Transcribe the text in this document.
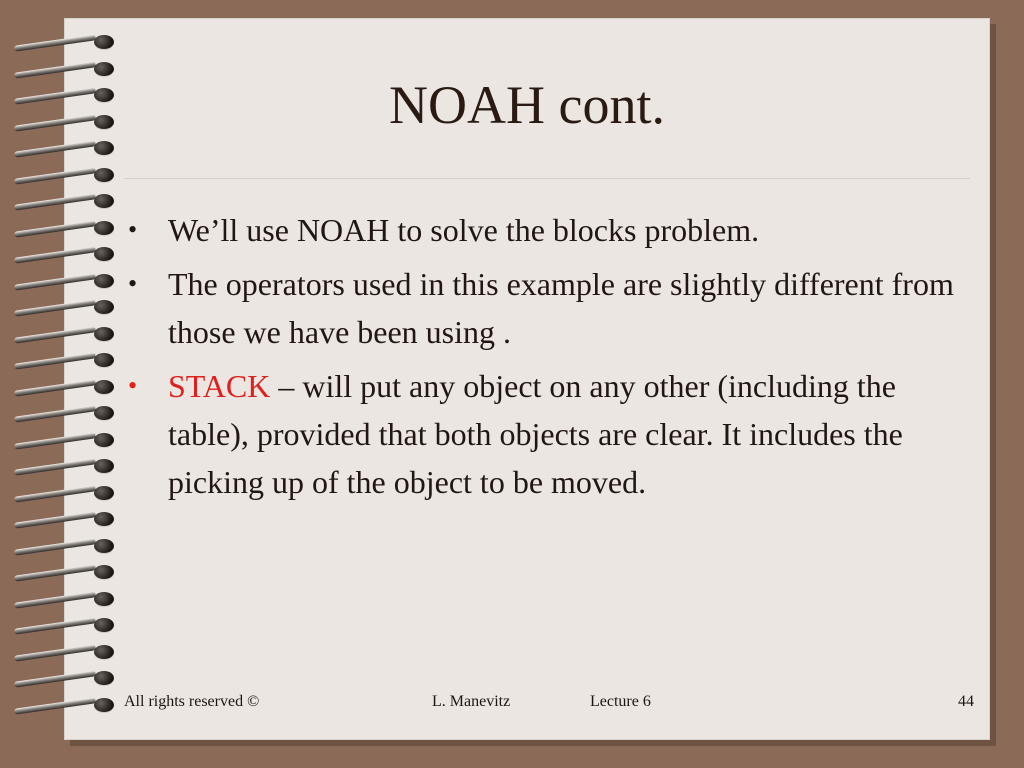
NOAH cont.
• We’ll use NOAH to solve the blocks problem.
• The operators used in this example are slightly different from those we have been using .
• STACK – will put any object on any other (including the table), provided that both objects are clear. It includes the picking up of the object to be moved.
All rights reserved ©	L. Manevitz	Lecture 6	44
